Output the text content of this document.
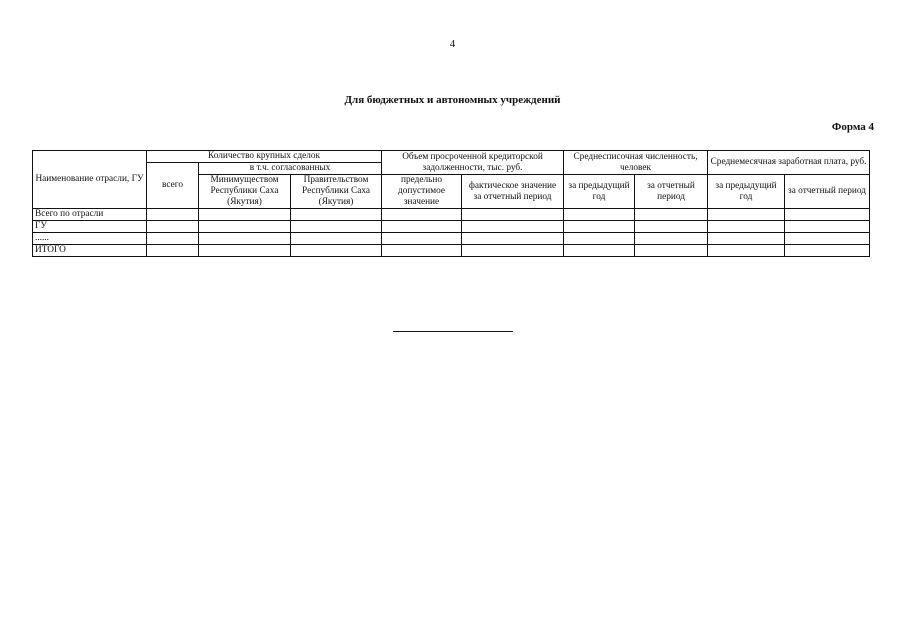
4
Для бюджетных и автономных учреждений
Форма 4
Наименование отрасли, ГУ	Количество крупных сделок			Объем просроченной кредиторской задолженности, тыс. руб.		Среднесписочная численность, человек		Среднемесячная заработная плата, руб.	
	всего	в т.ч. согласованных							
		Минимуществом Республики Саха (Якутия)	Правительством Республики Саха (Якутия)	предельно допустимое значение	фактическое значение за отчетный период	за предыдущий год	за отчетный период	за предыдущий год	за отчетный период
Всего по отрасли									
ГУ									
......									
ИТОГО									
